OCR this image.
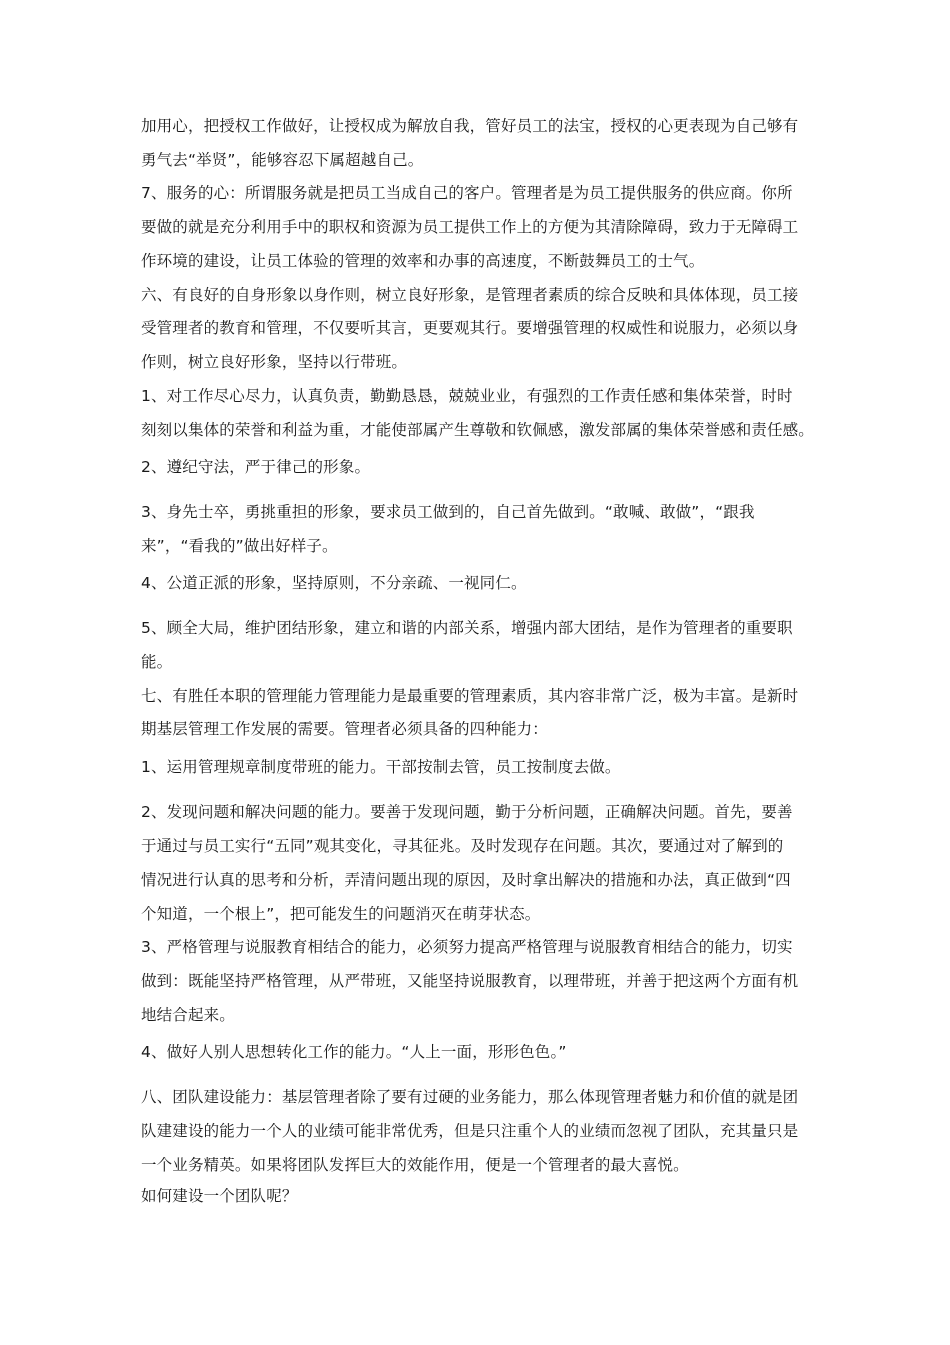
加用心，把授权工作做好，让授权成为解放自我，管好员工的法宝，授权的心更表现为自己够有
勇气去“举贤”，能够容忍下属超越自己。
7、服务的心：所谓服务就是把员工当成自己的客户。管理者是为员工提供服务的供应商。你所
要做的就是充分利用手中的职权和资源为员工提供工作上的方便为其清除障碍，致力于无障碍工
作环境的建设，让员工体验的管理的效率和办事的高速度，不断鼓舞员工的士气。
六、有良好的自身形象以身作则，树立良好形象，是管理者素质的综合反映和具体体现，员工接
受管理者的教育和管理，不仅要听其言，更要观其行。要增强管理的权威性和说服力，必须以身
作则，树立良好形象，坚持以行带班。
1、对工作尽心尽力，认真负责，勤勤恳恳，兢兢业业，有强烈的工作责任感和集体荣誉，时时
刻刻以集体的荣誉和利益为重，才能使部属产生尊敬和钦佩感，激发部属的集体荣誉感和责任感。
2、遵纪守法，严于律己的形象。
3、身先士卒，勇挑重担的形象，要求员工做到的，自己首先做到。“敢喊、敢做”，“跟我
来”，“看我的”做出好样子。
4、公道正派的形象，坚持原则，不分亲疏、一视同仁。
5、顾全大局，维护团结形象，建立和谐的内部关系，增强内部大团结，是作为管理者的重要职
能。
七、有胜任本职的管理能力管理能力是最重要的管理素质，其内容非常广泛，极为丰富。是新时
期基层管理工作发展的需要。管理者必须具备的四种能力：
1、运用管理规章制度带班的能力。干部按制去管，员工按制度去做。
2、发现问题和解决问题的能力。要善于发现问题，勤于分析问题，正确解决问题。首先，要善
于通过与员工实行“五同”观其变化，寻其征兆。及时发现存在问题。其次，要通过对了解到的
情况进行认真的思考和分析，弄清问题出现的原因，及时拿出解决的措施和办法，真正做到“四
个知道，一个根上”，把可能发生的问题消灭在萌芽状态。
3、严格管理与说服教育相结合的能力，必须努力提高严格管理与说服教育相结合的能力，切实
做到：既能坚持严格管理，从严带班，又能坚持说服教育，以理带班，并善于把这两个方面有机
地结合起来。
4、做好人别人思想转化工作的能力。“人上一面，形形色色。”
八、团队建设能力：基层管理者除了要有过硬的业务能力，那么体现管理者魅力和价值的就是团
队建建设的能力一个人的业绩可能非常优秀，但是只注重个人的业绩而忽视了团队，充其量只是
一个业务精英。如果将团队发挥巨大的效能作用，便是一个管理者的最大喜悦。
如何建设一个团队呢？
